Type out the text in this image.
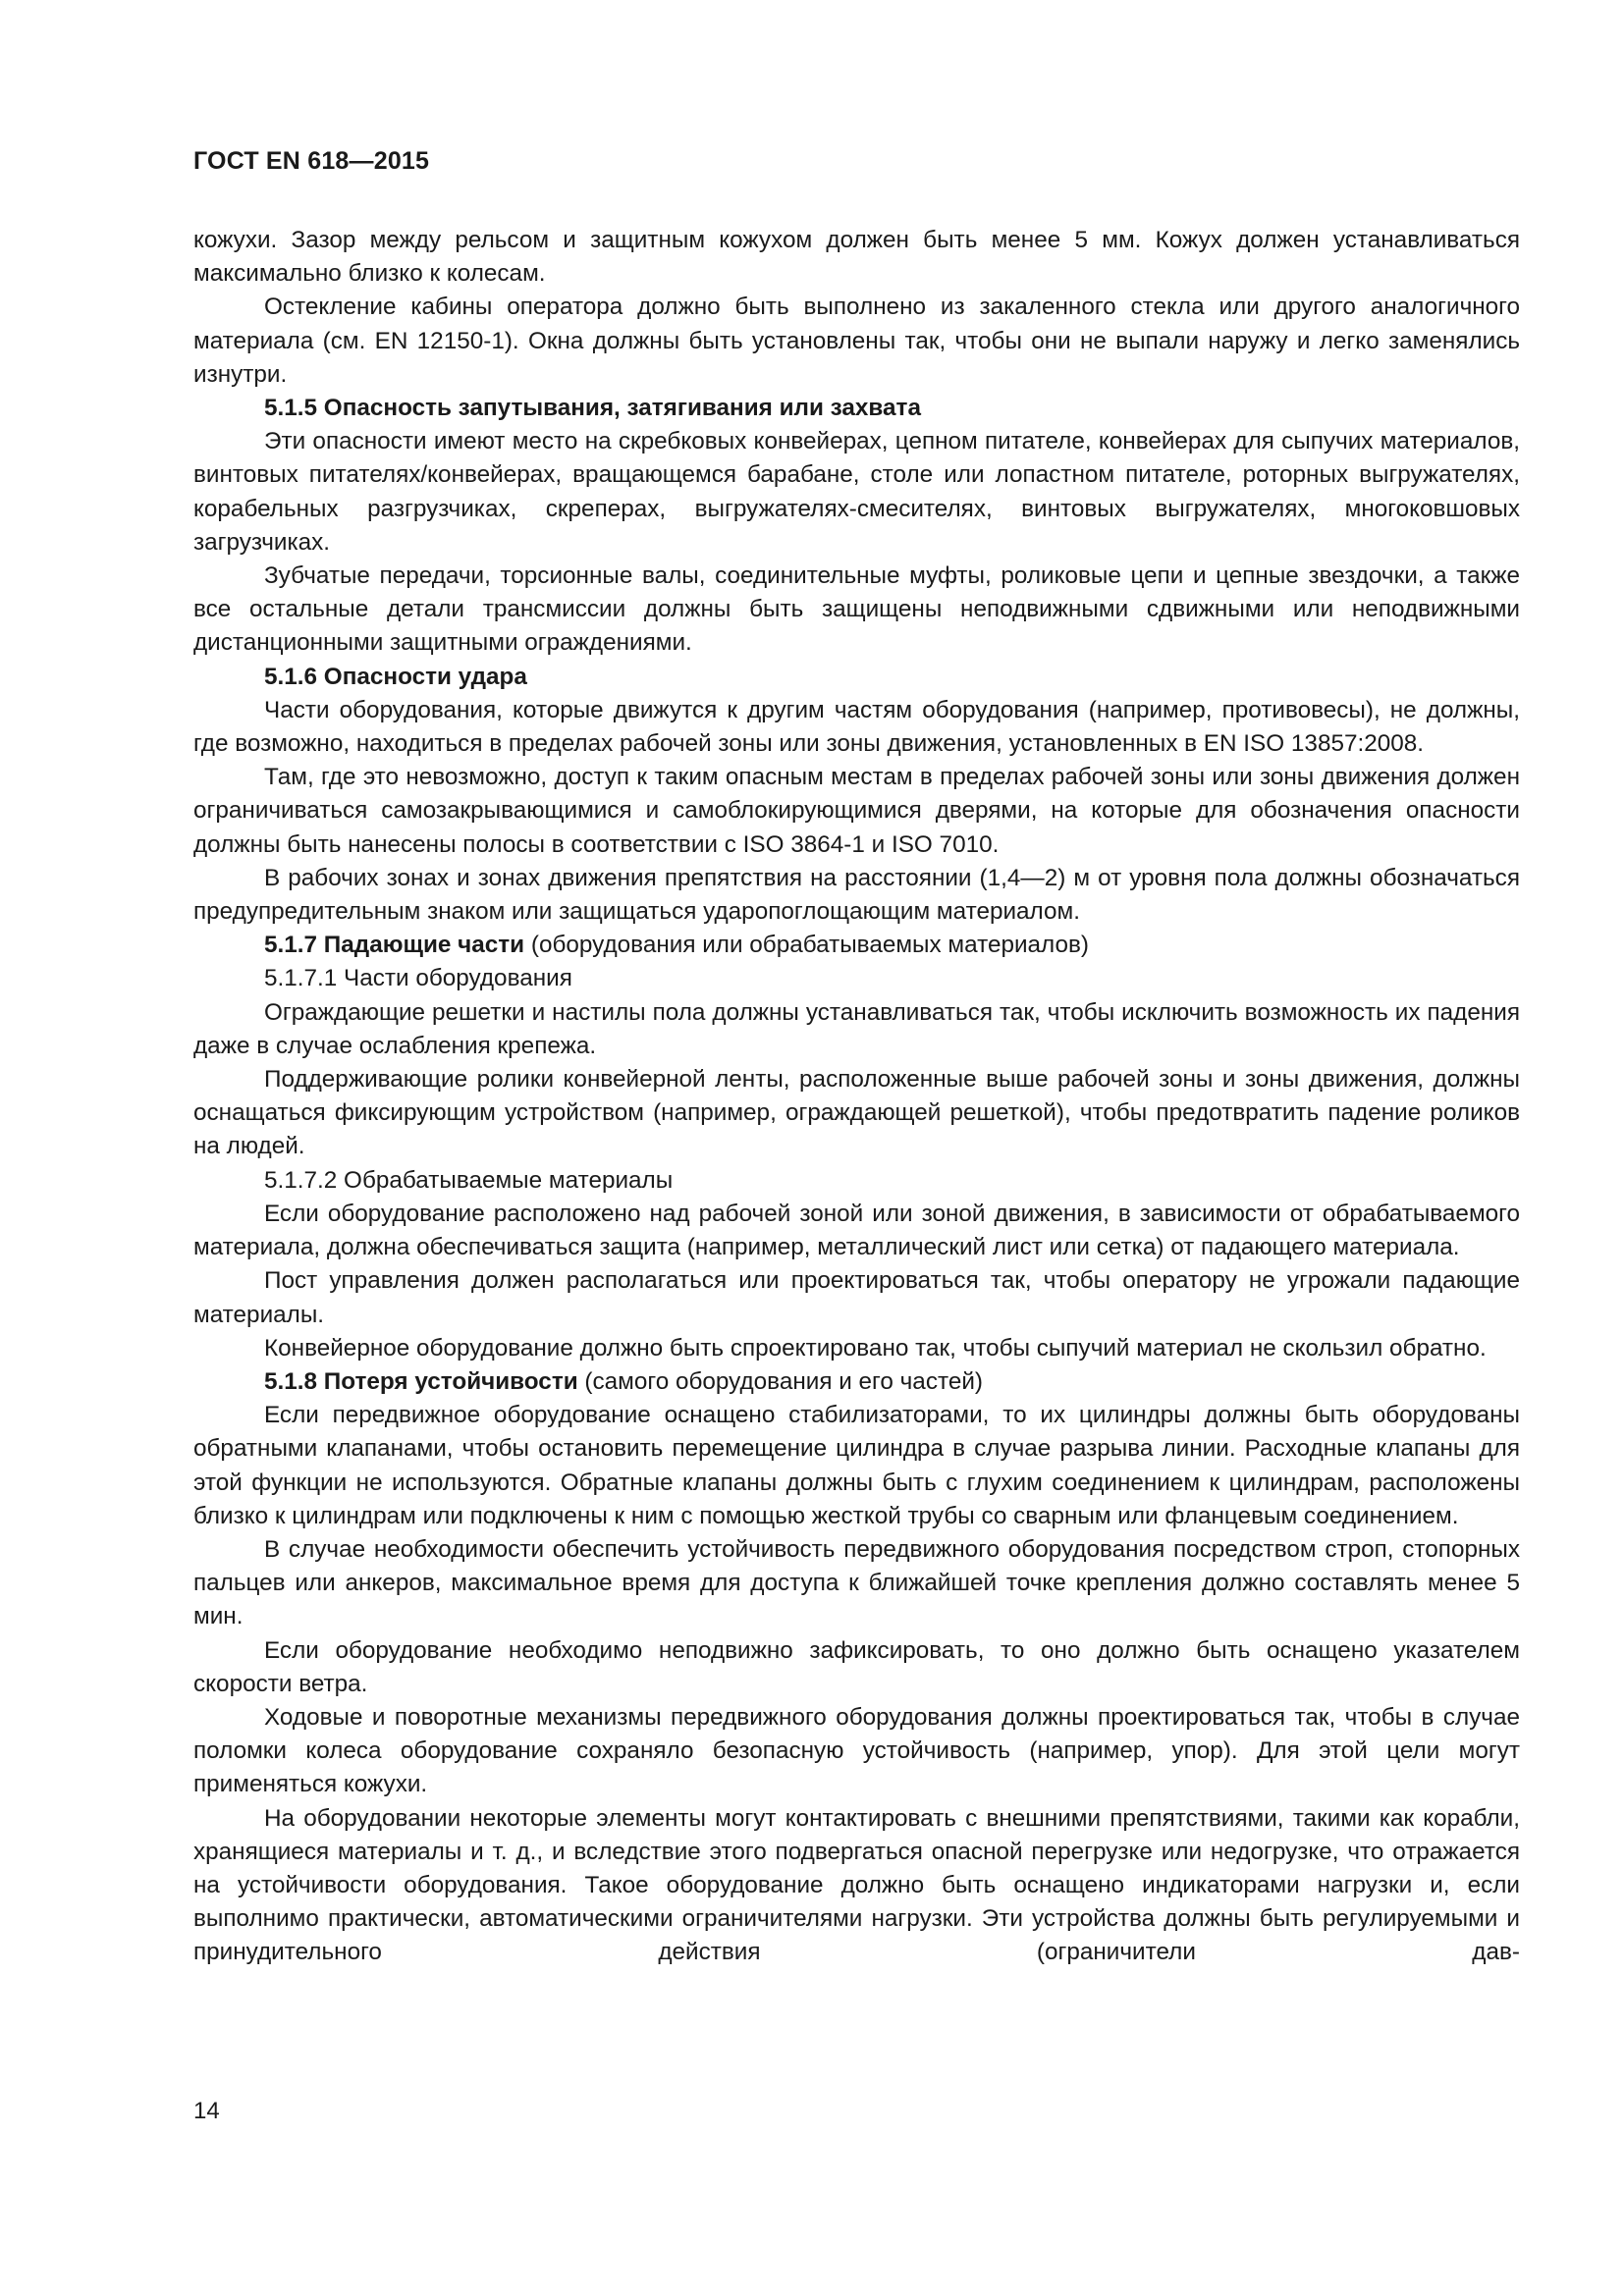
ГОСТ EN 618—2015

кожухи. Зазор между рельсом и защитным кожухом должен быть менее 5 мм. Кожух должен устанавливаться максимально близко к колесам.

Остекление кабины оператора должно быть выполнено из закаленного стекла или другого аналогичного материала (см. EN 12150-1). Окна должны быть установлены так, чтобы они не выпали наружу и легко заменялись изнутри.

5.1.5 Опасность запутывания, затягивания или захвата

Эти опасности имеют место на скребковых конвейерах, цепном питателе, конвейерах для сыпучих материалов, винтовых питателях/конвейерах, вращающемся барабане, столе или лопастном питателе, роторных выгружателях, корабельных разгрузчиках, скреперах, выгружателях-смесителях, винтовых выгружателях, многоковшовых загрузчиках.

Зубчатые передачи, торсионные валы, соединительные муфты, роликовые цепи и цепные звездочки, а также все остальные детали трансмиссии должны быть защищены неподвижными сдвижными или неподвижными дистанционными защитными ограждениями.

5.1.6 Опасности удара

Части оборудования, которые движутся к другим частям оборудования (например, противовесы), не должны, где возможно, находиться в пределах рабочей зоны или зоны движения, установленных в EN ISO 13857:2008.

Там, где это невозможно, доступ к таким опасным местам в пределах рабочей зоны или зоны движения должен ограничиваться самозакрывающимися и самоблокирующимися дверями, на которые для обозначения опасности должны быть нанесены полосы в соответствии с ISO 3864-1 и ISO 7010.

В рабочих зонах и зонах движения препятствия на расстоянии (1,4—2) м от уровня пола должны обозначаться предупредительным знаком или защищаться ударопоглощающим материалом.

5.1.7 Падающие части (оборудования или обрабатываемых материалов)

5.1.7.1 Части оборудования

Ограждающие решетки и настилы пола должны устанавливаться так, чтобы исключить возможность их падения даже в случае ослабления крепежа.

Поддерживающие ролики конвейерной ленты, расположенные выше рабочей зоны и зоны движения, должны оснащаться фиксирующим устройством (например, ограждающей решеткой), чтобы предотвратить падение роликов на людей.

5.1.7.2 Обрабатываемые материалы

Если оборудование расположено над рабочей зоной или зоной движения, в зависимости от обрабатываемого материала, должна обеспечиваться защита (например, металлический лист или сетка) от падающего материала.

Пост управления должен располагаться или проектироваться так, чтобы оператору не угрожали падающие материалы.

Конвейерное оборудование должно быть спроектировано так, чтобы сыпучий материал не скользил обратно.

5.1.8 Потеря устойчивости (самого оборудования и его частей)

Если передвижное оборудование оснащено стабилизаторами, то их цилиндры должны быть оборудованы обратными клапанами, чтобы остановить перемещение цилиндра в случае разрыва линии. Расходные клапаны для этой функции не используются. Обратные клапаны должны быть с глухим соединением к цилиндрам, расположены близко к цилиндрам или подключены к ним с помощью жесткой трубы со сварным или фланцевым соединением.

В случае необходимости обеспечить устойчивость передвижного оборудования посредством строп, стопорных пальцев или анкеров, максимальное время для доступа к ближайшей точке крепления должно составлять менее 5 мин.

Если оборудование необходимо неподвижно зафиксировать, то оно должно быть оснащено указателем скорости ветра.

Ходовые и поворотные механизмы передвижного оборудования должны проектироваться так, чтобы в случае поломки колеса оборудование сохраняло безопасную устойчивость (например, упор). Для этой цели могут применяться кожухи.

На оборудовании некоторые элементы могут контактировать с внешними препятствиями, такими как корабли, хранящиеся материалы и т. д., и вследствие этого подвергаться опасной перегрузке или недогрузке, что отражается на устойчивости оборудования. Такое оборудование должно быть оснащено индикаторами нагрузки и, если выполнимо практически, автоматическими ограничителями нагрузки. Эти устройства должны быть регулируемыми и принудительного действия (ограничители дав-

14
